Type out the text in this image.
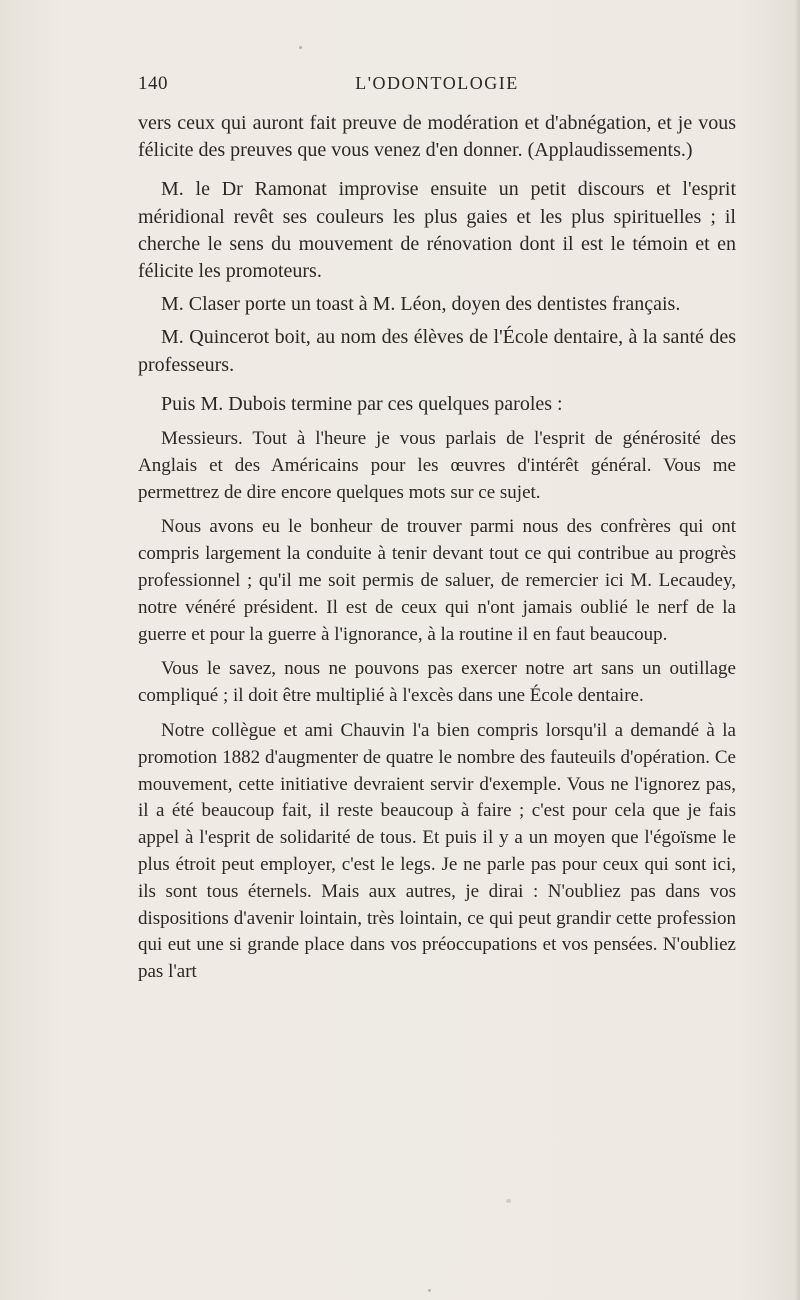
140	L'ODONTOLOGIE

vers ceux qui auront fait preuve de modération et d'abnégation, et je vous félicite des preuves que vous venez d'en donner. (Applaudissements.)

M. le Dr Ramonat improvise ensuite un petit discours et l'esprit méridional revêt ses couleurs les plus gaies et les plus spirituelles ; il cherche le sens du mouvement de rénovation dont il est le témoin et en félicite les promoteurs.

M. Claser porte un toast à M. Léon, doyen des dentistes français.

M. Quincerot boit, au nom des élèves de l'École dentaire, à la santé des professeurs.

Puis M. Dubois termine par ces quelques paroles :

Messieurs. Tout à l'heure je vous parlais de l'esprit de générosité des Anglais et des Américains pour les œuvres d'intérêt général. Vous me permettrez de dire encore quelques mots sur ce sujet.

Nous avons eu le bonheur de trouver parmi nous des confrères qui ont compris largement la conduite à tenir devant tout ce qui contribue au progrès professionnel ; qu'il me soit permis de saluer, de remercier ici M. Lecaudey, notre vénéré président. Il est de ceux qui n'ont jamais oublié le nerf de la guerre et pour la guerre à l'ignorance, à la routine il en faut beaucoup.

Vous le savez, nous ne pouvons pas exercer notre art sans un outillage compliqué ; il doit être multiplié à l'excès dans une École dentaire.

Notre collègue et ami Chauvin l'a bien compris lorsqu'il a demandé à la promotion 1882 d'augmenter de quatre le nombre des fauteuils d'opération. Ce mouvement, cette initiative devraient servir d'exemple. Vous ne l'ignorez pas, il a été beaucoup fait, il reste beaucoup à faire ; c'est pour cela que je fais appel à l'esprit de solidarité de tous. Et puis il y a un moyen que l'égoïsme le plus étroit peut employer, c'est le legs. Je ne parle pas pour ceux qui sont ici, ils sont tous éternels. Mais aux autres, je dirai : N'oubliez pas dans vos dispositions d'avenir lointain, très lointain, ce qui peut grandir cette profession qui eut une si grande place dans vos préoccupations et vos pensées. N'oubliez pas l'art
